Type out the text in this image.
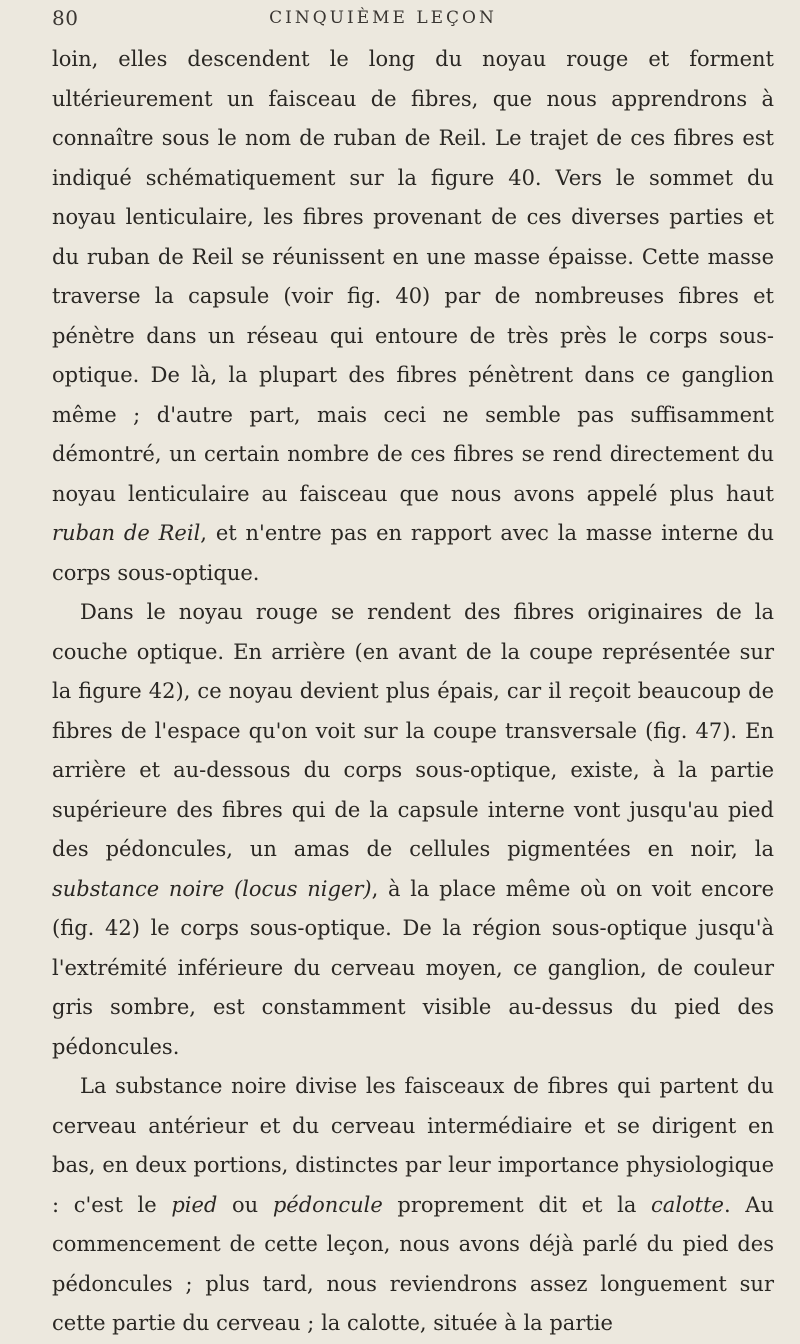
80	CINQUIÈME LEÇON

loin, elles descendent le long du noyau rouge et forment ultérieurement un faisceau de fibres, que nous apprendrons à connaître sous le nom de ruban de Reil. Le trajet de ces fibres est indiqué schématiquement sur la figure 40. Vers le sommet du noyau lenticulaire, les fibres provenant de ces diverses parties et du ruban de Reil se réunissent en une masse épaisse. Cette masse traverse la capsule (voir fig. 40) par de nombreuses fibres et pénètre dans un réseau qui entoure de très près le corps sous-optique. De là, la plupart des fibres pénètrent dans ce ganglion même ; d'autre part, mais ceci ne semble pas suffisamment démontré, un certain nombre de ces fibres se rend directement du noyau lenticulaire au faisceau que nous avons appelé plus haut ruban de Reil, et n'entre pas en rapport avec la masse interne du corps sous-optique.

Dans le noyau rouge se rendent des fibres originaires de la couche optique. En arrière (en avant de la coupe représentée sur la figure 42), ce noyau devient plus épais, car il reçoit beaucoup de fibres de l'espace qu'on voit sur la coupe transversale (fig. 47). En arrière et au-dessous du corps sous-optique, existe, à la partie supérieure des fibres qui de la capsule interne vont jusqu'au pied des pédoncules, un amas de cellules pigmentées en noir, la substance noire (locus niger), à la place même où on voit encore (fig. 42) le corps sous-optique. De la région sous-optique jusqu'à l'extrémité inférieure du cerveau moyen, ce ganglion, de couleur gris sombre, est constamment visible au-dessus du pied des pédoncules.

La substance noire divise les faisceaux de fibres qui partent du cerveau antérieur et du cerveau intermédiaire et se dirigent en bas, en deux portions, distinctes par leur importance physiologique : c'est le pied ou pédoncule proprement dit et la calotte. Au commencement de cette leçon, nous avons déjà parlé du pied des pédoncules ; plus tard, nous reviendrons assez longuement sur cette partie du cerveau ; la calotte, située à la partie
